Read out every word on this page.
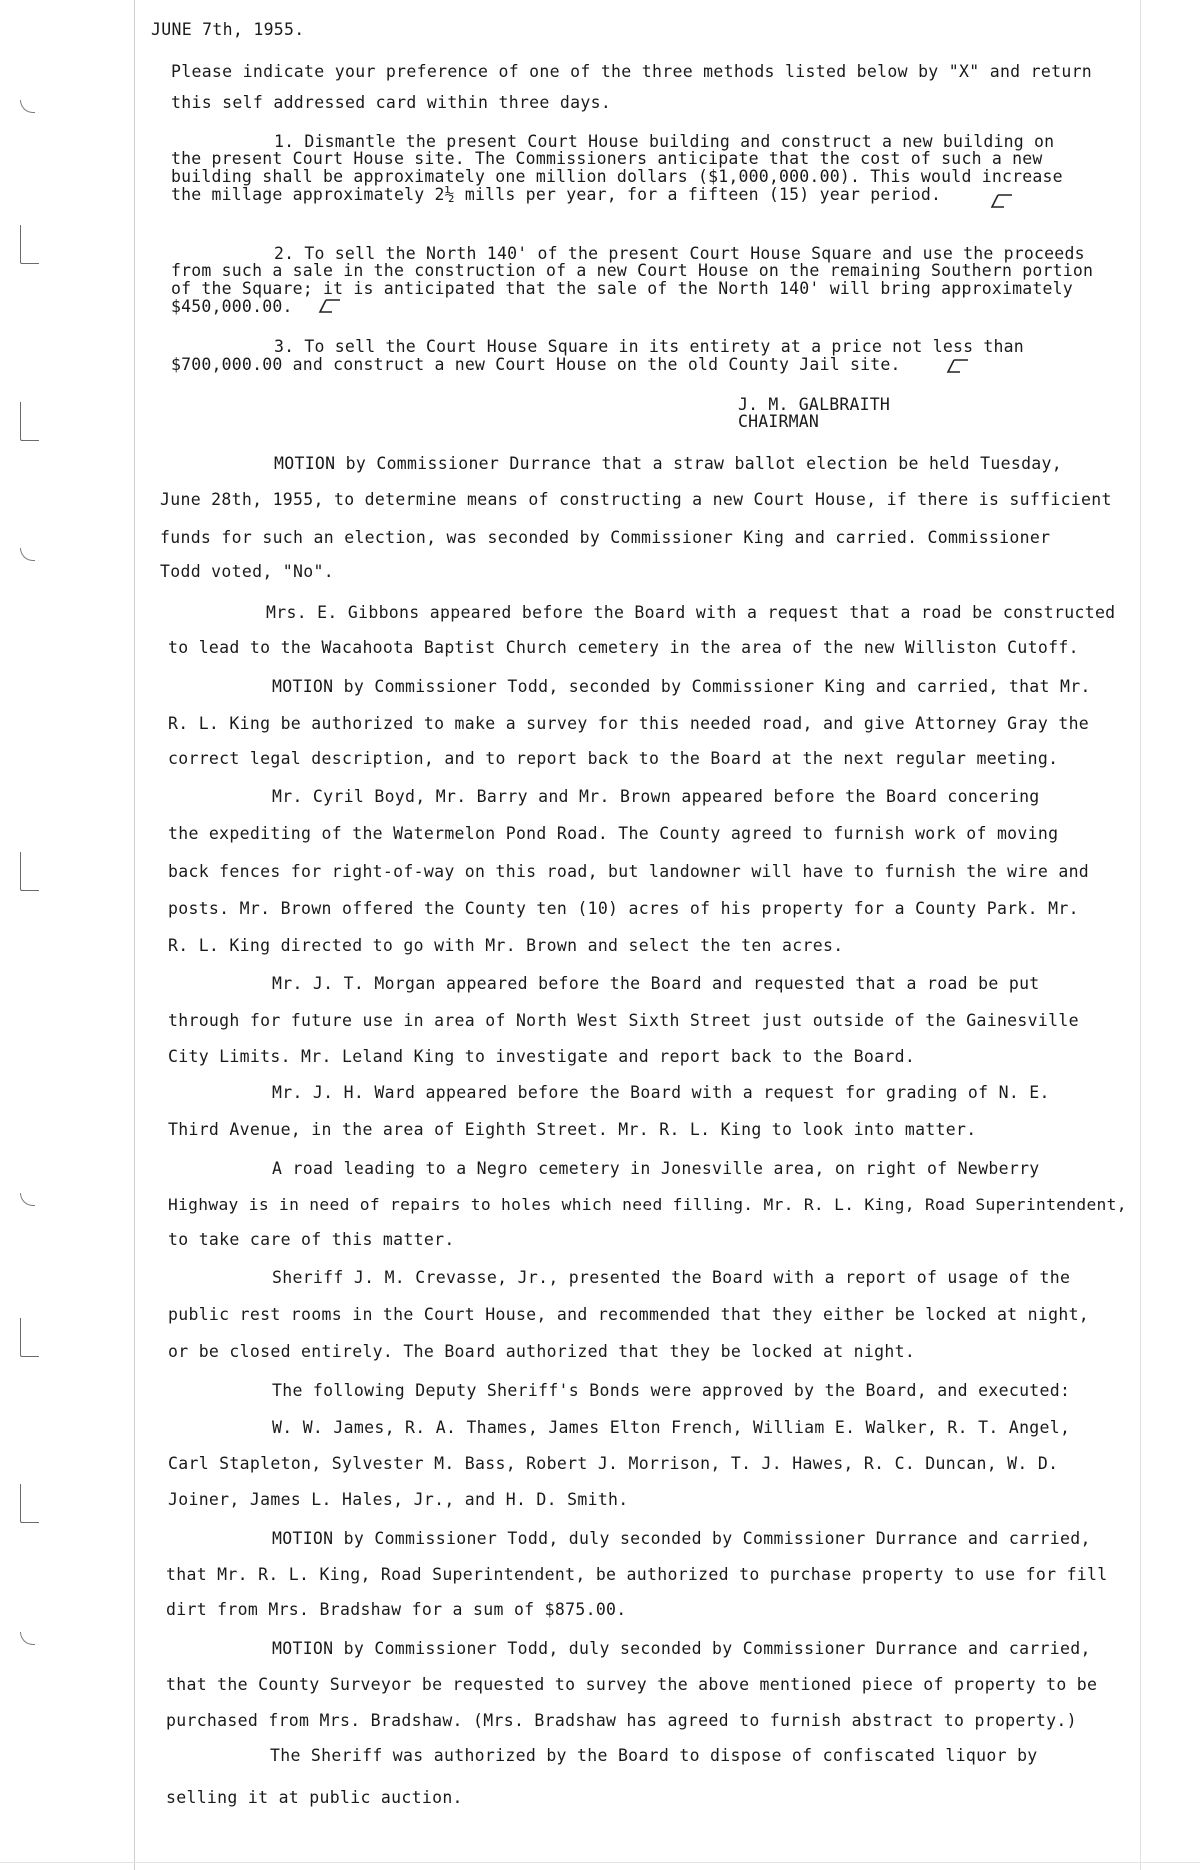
JUNE 7th, 1955.
Please indicate your preference of one of the three methods listed below by "X" and return
this self addressed card within three days.
1. Dismantle the present Court House building and construct a new building on
the present Court House site. The Commissioners anticipate that the cost of such a new
building shall be approximately one million dollars ($1,000,000.00). This would increase
the millage approximately 2½ mills per year, for a fifteen (15) year period.
2. To sell the North 140' of the present Court House Square and use the proceeds
from such a sale in the construction of a new Court House on the remaining Southern portion
of the Square; it is anticipated that the sale of the North 140' will bring approximately
$450,000.00.
3. To sell the Court House Square in its entirety at a price not less than
$700,000.00 and construct a new Court House on the old County Jail site.
J. M. GALBRAITH
CHAIRMAN
MOTION by Commissioner Durrance that a straw ballot election be held Tuesday,
June 28th, 1955, to determine means of constructing a new Court House, if there is sufficient
funds for such an election, was seconded by Commissioner King and carried. Commissioner
Todd voted, "No".
Mrs. E. Gibbons appeared before the Board with a request that a road be constructed
to lead to the Wacahoota Baptist Church cemetery in the area of the new Williston Cutoff.
MOTION by Commissioner Todd, seconded by Commissioner King and carried, that Mr.
R. L. King be authorized to make a survey for this needed road, and give Attorney Gray the
correct legal description, and to report back to the Board at the next regular meeting.
Mr. Cyril Boyd, Mr. Barry and Mr. Brown appeared before the Board concering
the expediting of the Watermelon Pond Road. The County agreed to furnish work of moving
back fences for right-of-way on this road, but landowner will have to furnish the wire and
posts. Mr. Brown offered the County ten (10) acres of his property for a County Park. Mr.
R. L. King directed to go with Mr. Brown and select the ten acres.
Mr. J. T. Morgan appeared before the Board and requested that a road be put
through for future use in area of North West Sixth Street just outside of the Gainesville
City Limits. Mr. Leland King to investigate and report back to the Board.
Mr. J. H. Ward appeared before the Board with a request for grading of N. E.
Third Avenue, in the area of Eighth Street. Mr. R. L. King to look into matter.
A road leading to a Negro cemetery in Jonesville area, on right of Newberry
Highway is in need of repairs to holes which need filling. Mr. R. L. King, Road Superintendent,
to take care of this matter.
Sheriff J. M. Crevasse, Jr., presented the Board with a report of usage of the
public rest rooms in the Court House, and recommended that they either be locked at night,
or be closed entirely. The Board authorized that they be locked at night.
The following Deputy Sheriff's Bonds were approved by the Board, and executed:
W. W. James, R. A. Thames, James Elton French, William E. Walker, R. T. Angel,
Carl Stapleton, Sylvester M. Bass, Robert J. Morrison, T. J. Hawes, R. C. Duncan, W. D.
Joiner, James L. Hales, Jr., and H. D. Smith.
MOTION by Commissioner Todd, duly seconded by Commissioner Durrance and carried,
that Mr. R. L. King, Road Superintendent, be authorized to purchase property to use for fill
dirt from Mrs. Bradshaw for a sum of $875.00.
MOTION by Commissioner Todd, duly seconded by Commissioner Durrance and carried,
that the County Surveyor be requested to survey the above mentioned piece of property to be
purchased from Mrs. Bradshaw. (Mrs. Bradshaw has agreed to furnish abstract to property.)
The Sheriff was authorized by the Board to dispose of confiscated liquor by
selling it at public auction.
